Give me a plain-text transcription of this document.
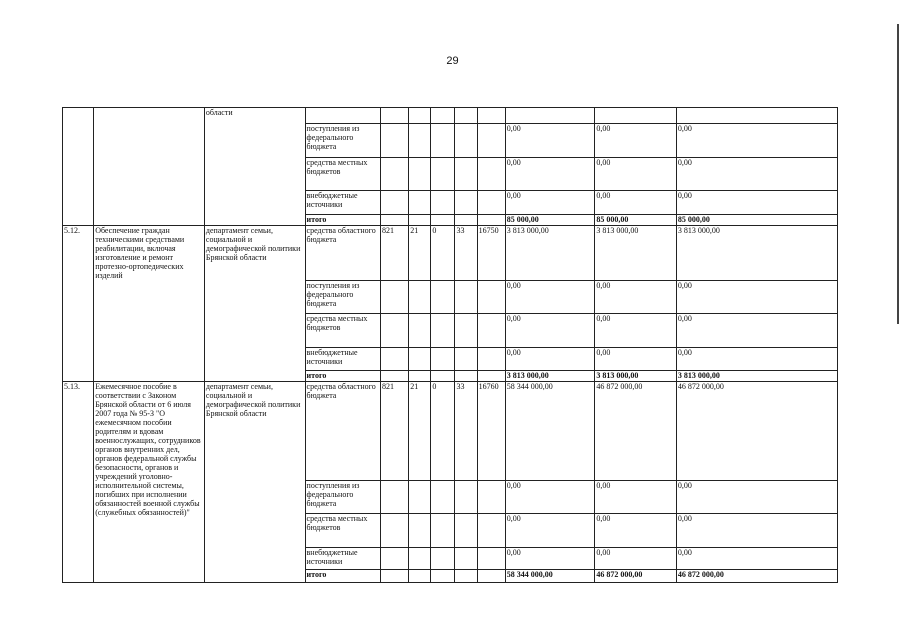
29
		области									
			поступления из федерального бюджета						0,00	0,00	0,00
			средства местных бюджетов						0,00	0,00	0,00
			внебюджетные источники						0,00	0,00	0,00
			итого						85 000,00	85 000,00	85 000,00
5.12.	Обеспечение граждан техническими средствами реабилитации, включая изготовление и ремонт протезно-ортопедических изделий	департамент семьи, социальной и демографической политики Брянской области	средства областного бюджета	821	21	0	33	16750	3 813 000,00	3 813 000,00	3 813 000,00
			поступления из федерального бюджета						0,00	0,00	0,00
			средства местных бюджетов						0,00	0,00	0,00
			внебюджетные источники						0,00	0,00	0,00
			итого						3 813 000,00	3 813 000,00	3 813 000,00
5.13.	Ежемесячное пособие в соответствии с Законом Брянской области от 6 июля 2007 года № 95-З "О ежемесячном пособии родителям и вдовам военнослужащих, сотрудников органов внутренних дел, органов федеральной службы безопасности, органов и учреждений уголовно-исполнительной системы, погибших при исполнении обязанностей военной службы (служебных обязанностей)"	департамент семьи, социальной и демографической политики Брянской области	средства областного бюджета	821	21	0	33	16760	58 344 000,00	46 872 000,00	46 872 000,00
			поступления из федерального бюджета						0,00	0,00	0,00
			средства местных бюджетов						0,00	0,00	0,00
			внебюджетные источники						0,00	0,00	0,00
			итого						58 344 000,00	46 872 000,00	46 872 000,00
